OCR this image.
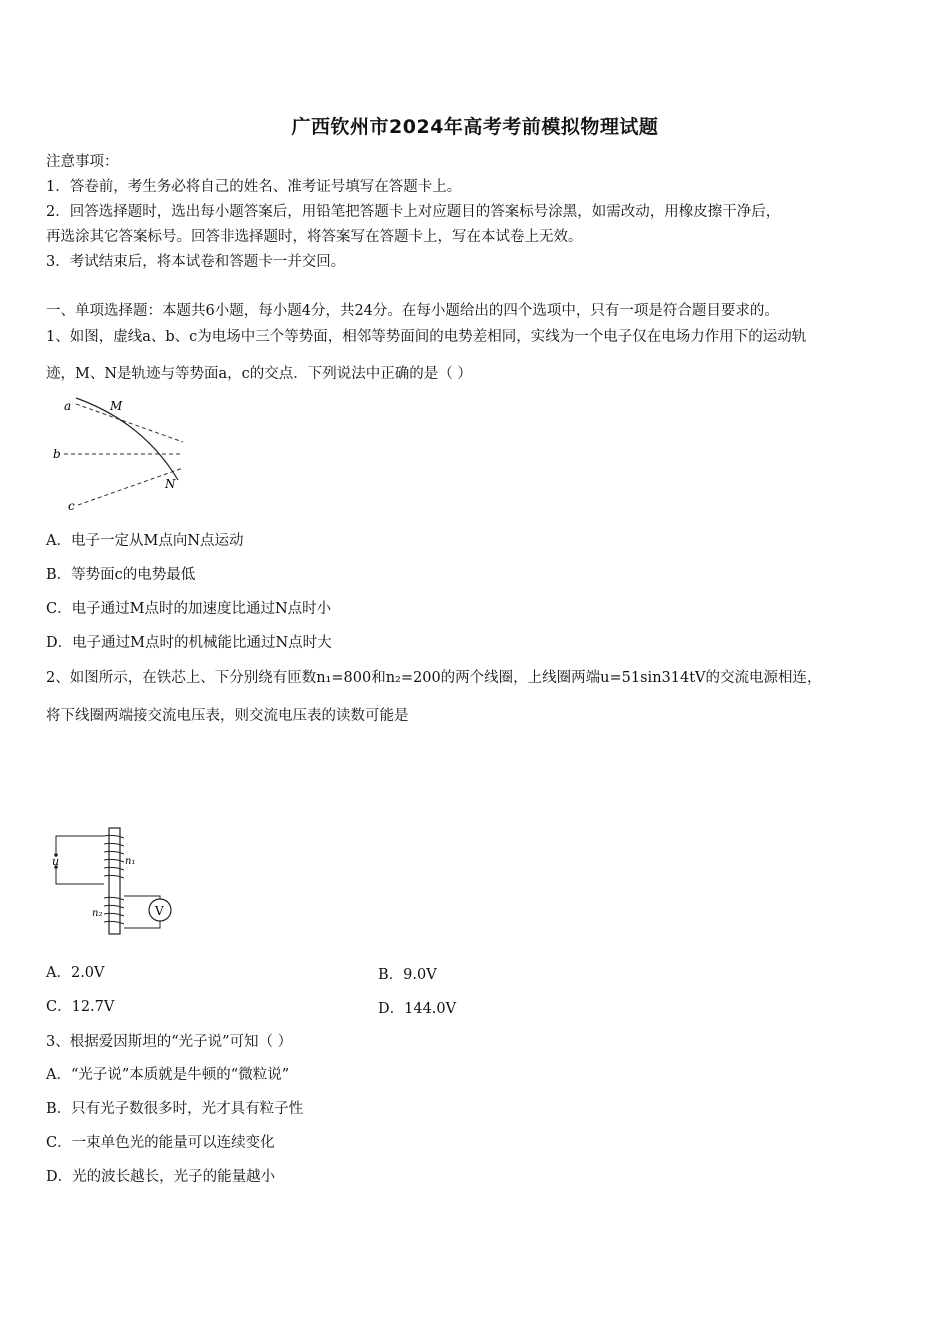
广西钦州市2024年高考考前模拟物理试题
注意事项：
1．答卷前，考生务必将自己的姓名、准考证号填写在答题卡上。
2．回答选择题时，选出每小题答案后，用铅笔把答题卡上对应题目的答案标号涂黑，如需改动，用橡皮擦干净后，
再选涂其它答案标号。回答非选择题时，将答案写在答题卡上，写在本试卷上无效。
3．考试结束后，将本试卷和答题卡一并交回。
一、单项选择题：本题共6小题，每小题4分，共24分。在每小题给出的四个选项中，只有一项是符合题目要求的。
1、如图，虚线a、b、c为电场中三个等势面，相邻等势面间的电势差相同，实线为一个电子仅在电场力作用下的运动轨
迹，M、N是轨迹与等势面a，c的交点．下列说法中正确的是（ ）
a
b
c
M
N
A．电子一定从M点向N点运动
B．等势面c的电势最低
C．电子通过M点时的加速度比通过N点时小
D．电子通过M点时的机械能比通过N点时大
2、如图所示，在铁芯上、下分别绕有匝数n₁=800和n₂=200的两个线圈，上线圈两端u=51sin314tV的交流电源相连，
将下线圈两端接交流电压表，则交流电压表的读数可能是
u	n₁
n₂	V
A．2.0V	B．9.0V
C．12.7V	D．144.0V
3、根据爱因斯坦的“光子说”可知（ ）
A．“光子说”本质就是牛顿的“微粒说”
B．只有光子数很多时，光才具有粒子性
C．一束单色光的能量可以连续变化
D．光的波长越长，光子的能量越小
